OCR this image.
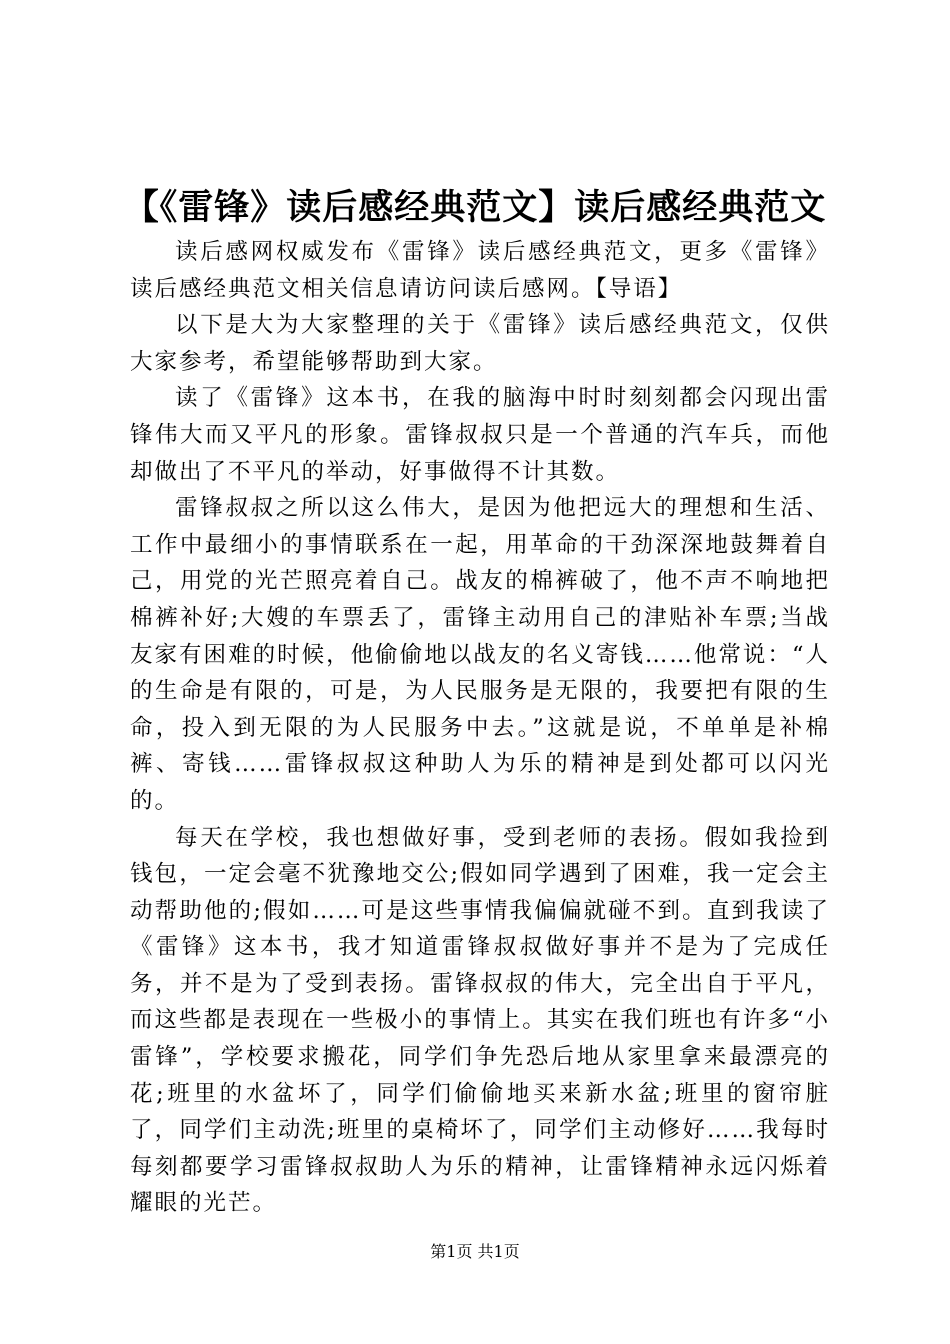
【《雷锋》读后感经典范文】读后感经典范文

读后感网权威发布《雷锋》读后感经典范文，更多《雷锋》读后感经典范文相关信息请访问读后感网。【导语】

以下是大为大家整理的关于《雷锋》读后感经典范文，仅供大家参考，希望能够帮助到大家。

读了《雷锋》这本书，在我的脑海中时时刻刻都会闪现出雷锋伟大而又平凡的形象。雷锋叔叔只是一个普通的汽车兵，而他却做出了不平凡的举动，好事做得不计其数。

雷锋叔叔之所以这么伟大，是因为他把远大的理想和生活、工作中最细小的事情联系在一起，用革命的干劲深深地鼓舞着自己，用党的光芒照亮着自己。战友的棉裤破了，他不声不响地把棉裤补好;大嫂的车票丢了，雷锋主动用自己的津贴补车票;当战友家有困难的时候，他偷偷地以战友的名义寄钱……他常说：“人的生命是有限的，可是，为人民服务是无限的，我要把有限的生命，投入到无限的为人民服务中去。”这就是说，不单单是补棉裤、寄钱……雷锋叔叔这种助人为乐的精神是到处都可以闪光的。

每天在学校，我也想做好事，受到老师的表扬。假如我捡到钱包，一定会毫不犹豫地交公;假如同学遇到了困难，我一定会主动帮助他的;假如……可是这些事情我偏偏就碰不到。直到我读了《雷锋》这本书，我才知道雷锋叔叔做好事并不是为了完成任务，并不是为了受到表扬。雷锋叔叔的伟大，完全出自于平凡，而这些都是表现在一些极小的事情上。其实在我们班也有许多“小雷锋”，学校要求搬花，同学们争先恐后地从家里拿来最漂亮的花;班里的水盆坏了，同学们偷偷地买来新水盆;班里的窗帘脏了，同学们主动洗;班里的桌椅坏了，同学们主动修好……我每时每刻都要学习雷锋叔叔助人为乐的精神，让雷锋精神永远闪烁着耀眼的光芒。

第1页 共1页
